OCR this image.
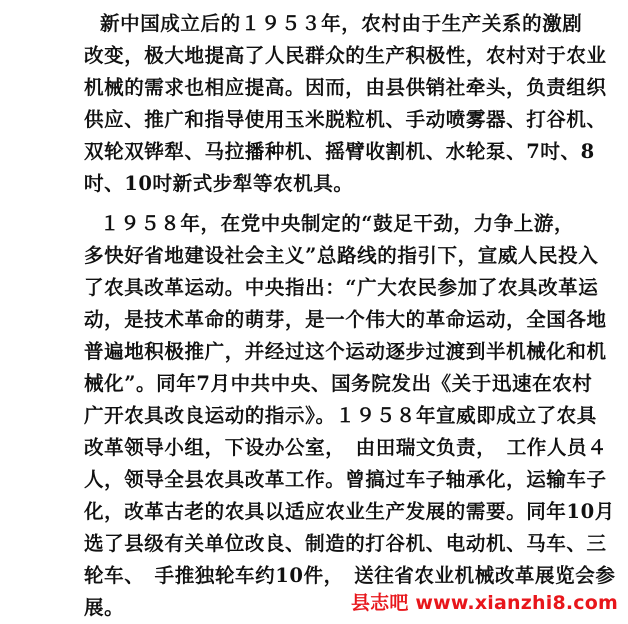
新中国成立后的１９５３年，农村由于生产关系的激剧
改变，极大地提高了人民群众的生产积极性，农村对于农业
机械的需求也相应提高。因而，由县供销社牵头，负责组织
供应、推广和指导使用玉米脱粒机、手动喷雾器、打谷机、
双轮双铧犁、马拉播种机、摇臂收割机、水轮泵、7吋、8
吋、10吋新式步犁等农机具。
１９５８年，在党中央制定的“鼓足干劲，力争上游，
多快好省地建设社会主义”总路线的指引下，宣威人民投入
了农具改革运动。中央指出：“广大农民参加了农具改革运
动，是技术革命的萌芽，是一个伟大的革命运动，全国各地
普遍地积极推广，并经过这个运动逐步过渡到半机械化和机
械化”。同年7月中共中央、国务院发出《关于迅速在农村
广开农具改良运动的指示》。１９５８年宣威即成立了农具
改革领导小组，下设办公室，　由田瑞文负责，　工作人员４
人，领导全县农具改革工作。曾搞过车子轴承化，运输车子
化，改革古老的农具以适应农业生产发展的需要。同年10月
选了县级有关单位改良、制造的打谷机、电动机、马车、三
轮车、　手推独轮车约10件，　送往省农业机械改革展览会参
展。	县志吧 www.xianzhi8.com
